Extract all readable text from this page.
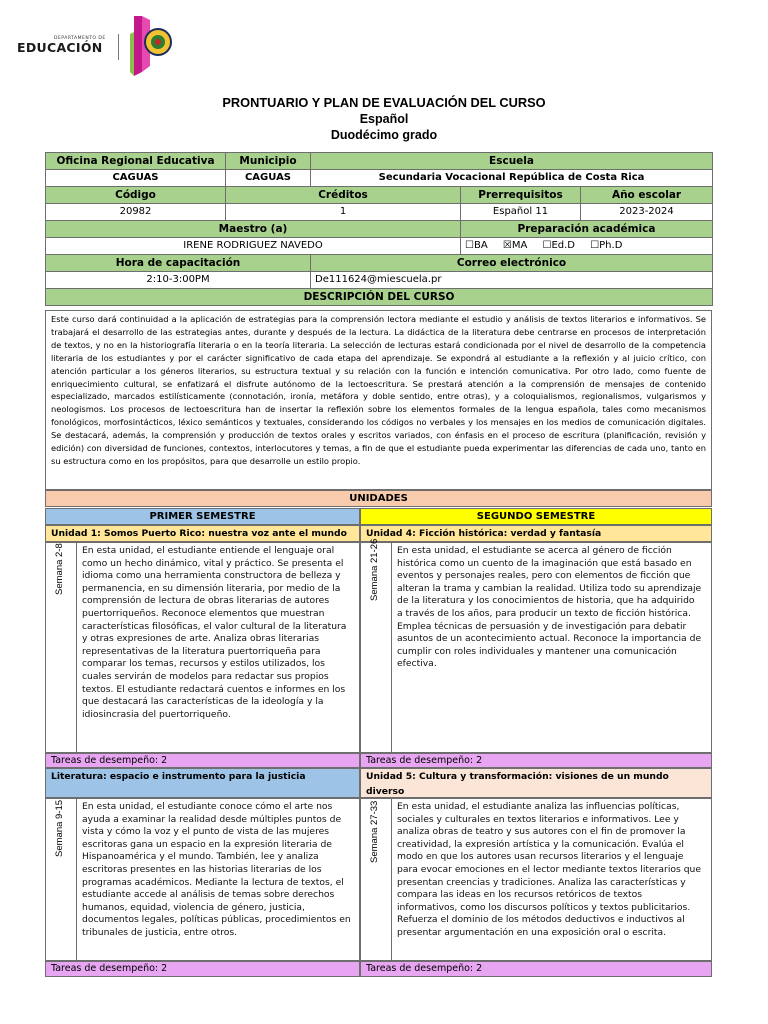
DEPARTAMENTO DE
EDUCACIÓN
PRONTUARIO Y PLAN DE EVALUACIÓN DEL CURSO
Español
Duodécimo grado
Oficina Regional Educativa	Municipio	Escuela		
CAGUAS	CAGUAS	Secundaria Vocacional República de Costa Rica		
Código	Créditos		Prerrequisitos	Año escolar
20982	1		Español 11	2023-2024
Maestro (a)			Preparación académica	
IRENE RODRIGUEZ NAVEDO			☐BA ☒MA ☐Ed.D ☐Ph.D	
Hora de capacitación		Correo electrónico		
2:10-3:00PM		De111624@miescuela.pr		
DESCRIPCIÓN DEL CURSO				
Este curso dará continuidad a la aplicación de estrategias para la comprensión lectora mediante el estudio y análisis de textos literarios e informativos. Se trabajará el desarrollo de las estrategias antes, durante y después de la lectura. La didáctica de la literatura debe centrarse en procesos de interpretación de textos, y no en la historiografía literaria o en la teoría literaria. La selección de lecturas estará condicionada por el nivel de desarrollo de la competencia literaria de los estudiantes y por el carácter significativo de cada etapa del aprendizaje. Se expondrá al estudiante a la reflexión y al juicio crítico, con atención particular a los géneros literarios, su estructura textual y su relación con la función e intención comunicativa. Por otro lado, como fuente de enriquecimiento cultural, se enfatizará el disfrute autónomo de la lectoescritura. Se prestará atención a la comprensión de mensajes de contenido especializado, marcados estilísticamente (connotación, ironía, metáfora y doble sentido, entre otras), y a coloquialismos, regionalismos, vulgarismos y neologismos. Los procesos de lectoescritura han de insertar la reflexión sobre los elementos formales de la lengua española, tales como mecanismos fonológicos, morfosintácticos, léxico semánticos y textuales, considerando los códigos no verbales y los mensajes en los medios de comunicación digitales. Se destacará, además, la comprensión y producción de textos orales y escritos variados, con énfasis en el proceso de escritura (planificación, revisión y edición) con diversidad de funciones, contextos, interlocutores y temas, a fin de que el estudiante pueda experimentar las diferencias de cada uno, tanto en su estructura como en los propósitos, para que desarrolle un estilo propio.
UNIDADES
PRIMER SEMESTRE	SEGUNDO SEMESTRE
Unidad 1: Somos Puerto Rico: nuestra voz ante el mundo
Semana 2-8 En esta unidad, el estudiante entiende el lenguaje oral como un hecho dinámico, vital y práctico. Se presenta el idioma como una herramienta constructora de belleza y permanencia, en su dimensión literaria, por medio de la comprensión de lectura de obras literarias de autores puertorriqueños. Reconoce elementos que muestran características filosóficas, el valor cultural de la literatura y otras expresiones de arte. Analiza obras literarias representativas de la literatura puertorriqueña para comparar los temas, recursos y estilos utilizados, los cuales servirán de modelos para redactar sus propios textos. El estudiante redactará cuentos e informes en los que destacará las características de la ideología y la idiosincrasia del puertorriqueño.
Tareas de desempeño: 2
Unidad 4: Ficción histórica: verdad y fantasía
Semana 21-26 En esta unidad, el estudiante se acerca al género de ficción histórica como un cuento de la imaginación que está basado en eventos y personajes reales, pero con elementos de ficción que alteran la trama y cambian la realidad. Utiliza todo su aprendizaje de la literatura y los conocimientos de historia, que ha adquirido a través de los años, para producir un texto de ficción histórica. Emplea técnicas de persuasión y de investigación para debatir asuntos de un acontecimiento actual. Reconoce la importancia de cumplir con roles individuales y mantener una comunicación efectiva.
Tareas de desempeño: 2
Literatura: espacio e instrumento para la justicia
Semana 9-15 En esta unidad, el estudiante conoce cómo el arte nos ayuda a examinar la realidad desde múltiples puntos de vista y cómo la voz y el punto de vista de las mujeres escritoras gana un espacio en la expresión literaria de Hispanoamérica y el mundo. También, lee y analiza escritoras presentes en las historias literarias de los programas académicos. Mediante la lectura de textos, el estudiante accede al análisis de temas sobre derechos humanos, equidad, violencia de género, justicia, documentos legales, políticas públicas, procedimientos en tribunales de justicia, entre otros.
Tareas de desempeño: 2
Unidad 5: Cultura y transformación: visiones de un mundo diverso
Semana 27-33 En esta unidad, el estudiante analiza las influencias políticas, sociales y culturales en textos literarios e informativos. Lee y analiza obras de teatro y sus autores con el fin de promover la creatividad, la expresión artística y la comunicación. Evalúa el modo en que los autores usan recursos literarios y el lenguaje para evocar emociones en el lector mediante textos literarios que presentan creencias y tradiciones. Analiza las características y compara las ideas en los recursos retóricos de textos informativos, como los discursos políticos y textos publicitarios. Refuerza el dominio de los métodos deductivos e inductivos al presentar argumentación en una exposición oral o escrita.
Tareas de desempeño: 2
